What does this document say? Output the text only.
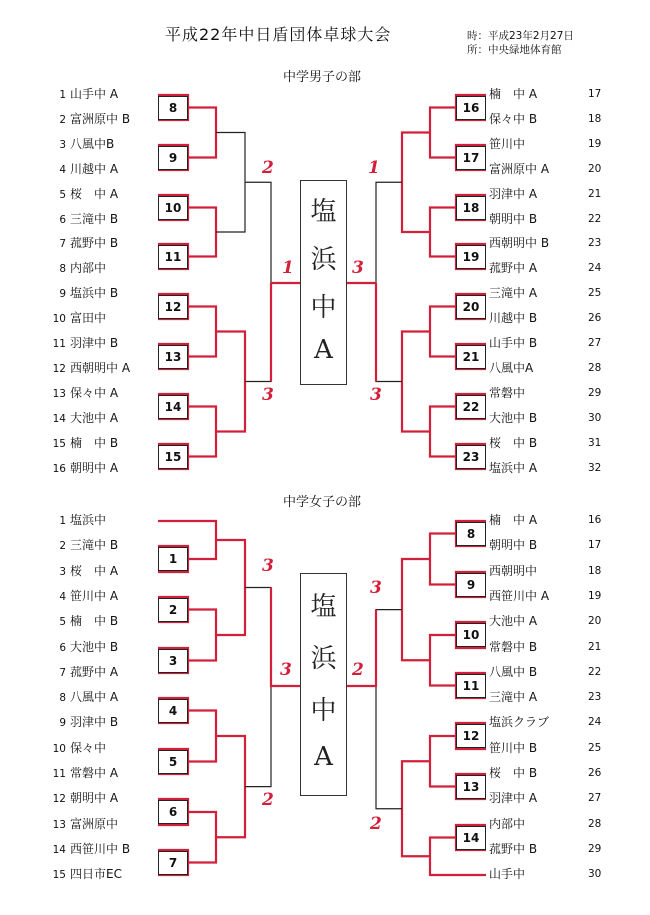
平成22年中日盾団体卓球大会	時：平成23年2月27日
所：中央緑地体育館
中学男子の部
中学女子の部
1 山手中 A
2 富洲原中 B
3 八風中B
4 川越中 A
5 桜　中 A
6 三滝中 B
7 菰野中 B
8 内部中
9 塩浜中 B
10 富田中
11 羽津中 B
12 西朝明中 A
13 保々中 A
14 大池中 A
15 楠　中 B
16 朝明中 A
楠　中 A	17
保々中 B	18
笹川中	19
富洲原中 A	20
羽津中 A	21
朝明中 B	22
西朝明中 B	23
菰野中 A	24
三滝中 A	25
川越中 B	26
山手中 B	27
八風中A	28
常磐中	29
大池中 B	30
桜　中 B	31
塩浜中 A	32
8
9
10
11
12
13
14
15
16
17
18
19
20
21
22
23
塩
浜
中
A
2
1
3
1
3
3
1 塩浜中
2 三滝中 B
3 桜　中 A
4 笹川中 A
5 楠　中 B
6 大池中 B
7 菰野中 A
8 八風中 A
9 羽津中 B
10 保々中
11 常磐中 A
12 朝明中 A
13 富洲原中
14 西笹川中 B
15 四日市EC
楠　中 A	16
朝明中 B	17
西朝明中	18
西笹川中 A	19
大池中 A	20
常磐中 B	21
八風中 B	22
三滝中 A	23
塩浜クラブ	24
笹川中 B	25
桜　中 B	26
羽津中 A	27
内部中	28
菰野中 B	29
山手中	30
1
2
3
4
5
6
7
8
9
10
11
12
13
14
塩
浜
中
A
3
3
2
3
2
2
